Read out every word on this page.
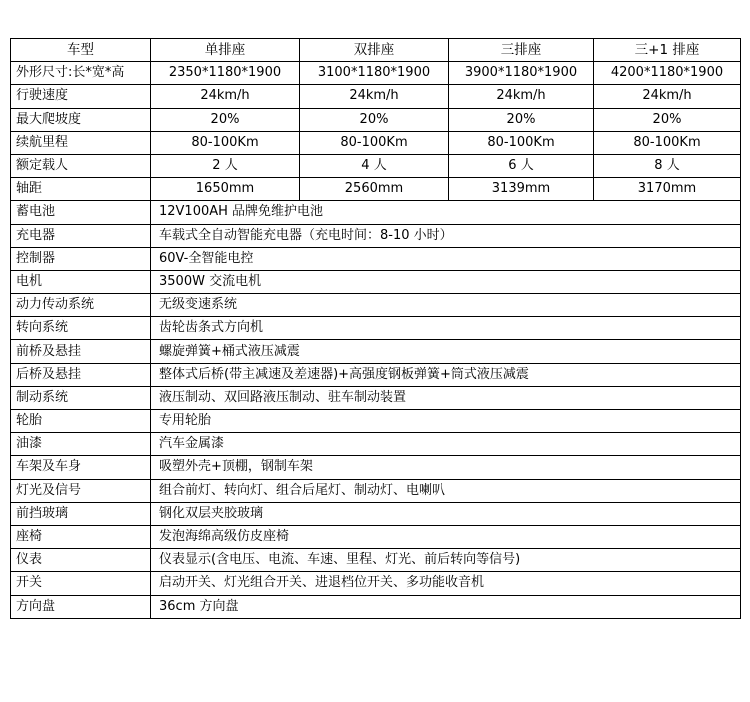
车型	单排座	双排座	三排座	三+1 排座
外形尺寸:长*宽*高	2350*1180*1900	3100*1180*1900	3900*1180*1900	4200*1180*1900
行驶速度	24km/h	24km/h	24km/h	24km/h
最大爬坡度	20%	20%	20%	20%
续航里程	80-100Km	80-100Km	80-100Km	80-100Km
额定载人	2 人	4 人	6 人	8 人
轴距	1650mm	2560mm	3139mm	3170mm
蓄电池	12V100AH 品牌免维护电池			
充电器	车载式全自动智能充电器（充电时间：8-10 小时）			
控制器	60V-全智能电控			
电机	3500W 交流电机			
动力传动系统	无级变速系统			
转向系统	齿轮齿条式方向机			
前桥及悬挂	螺旋弹簧+桶式液压减震			
后桥及悬挂	整体式后桥(带主减速及差速器)+高强度钢板弹簧+筒式液压减震			
制动系统	液压制动、双回路液压制动、驻车制动装置			
轮胎	专用轮胎			
油漆	汽车金属漆			
车架及车身	吸塑外壳+顶棚，钢制车架			
灯光及信号	组合前灯、转向灯、组合后尾灯、制动灯、电喇叭			
前挡玻璃	钢化双层夹胶玻璃			
座椅	发泡海绵高级仿皮座椅			
仪表	仪表显示(含电压、电流、车速、里程、灯光、前后转向等信号)			
开关	启动开关、灯光组合开关、进退档位开关、多功能收音机			
方向盘	36cm 方向盘			
